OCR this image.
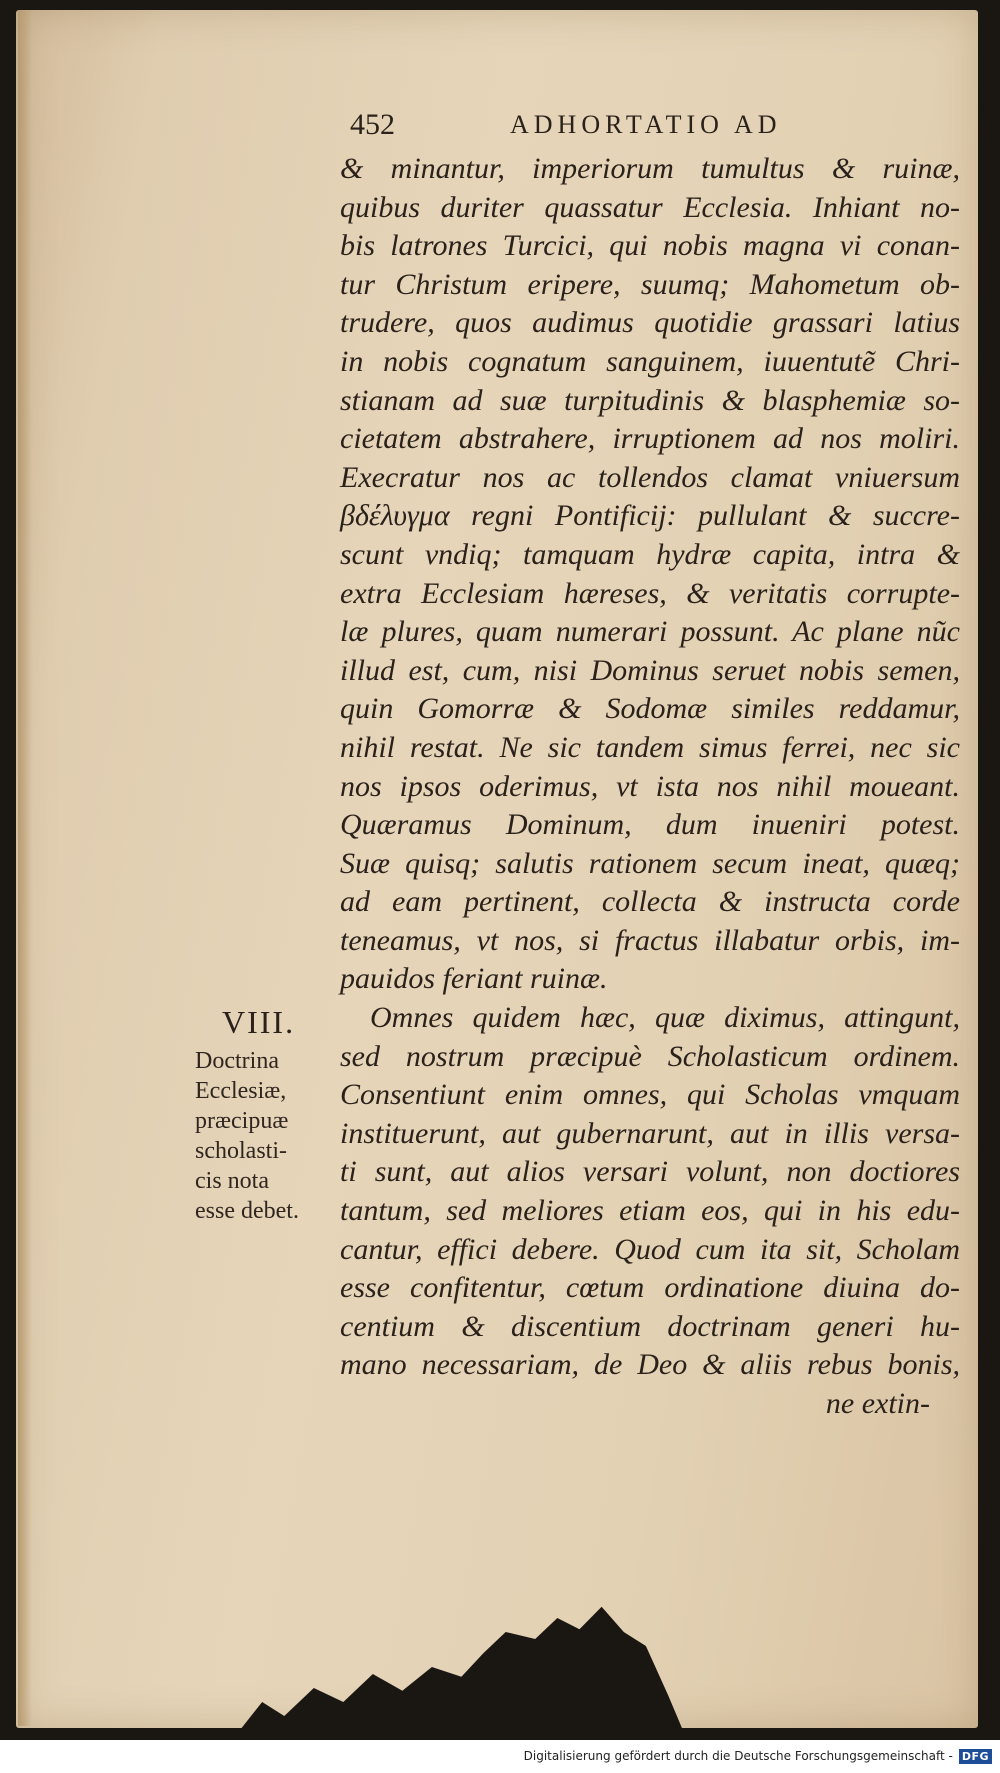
452	ADHORTATIO AD
& minantur, imperiorum tumultus & ruinæ,
quibus duriter quassatur Ecclesia. Inhiant no-
bis latrones Turcici, qui nobis magna vi conan-
tur Christum eripere, suumq; Mahometum ob-
trudere, quos audimus quotidie grassari latius
in nobis cognatum sanguinem, iuuentutẽ Chri-
stianam ad suæ turpitudinis & blasphemiæ so-
cietatem abstrahere, irruptionem ad nos moliri.
Execratur nos ac tollendos clamat vniuersum
βδέλυγμα regni Pontificij: pullulant & succre-
scunt vndiq; tamquam hydræ capita, intra &
extra Ecclesiam hæreses, & veritatis corrupte-
læ plures, quam numerari possunt. Ac plane nũc
illud est, cum, nisi Dominus seruet nobis semen,
quin Gomorræ & Sodomæ similes reddamur,
nihil restat. Ne sic tandem simus ferrei, nec sic
nos ipsos oderimus, vt ista nos nihil moueant.
Quæramus Dominum, dum inueniri potest.
Suæ quisq; salutis rationem secum ineat, quæq;
ad eam pertinent, collecta & instructa corde
teneamus, vt nos, si fractus illabatur orbis, im-
pauidos feriant ruinæ.
Omnes quidem hæc, quæ diximus, attingunt,
sed nostrum præcipuè Scholasticum ordinem.
Consentiunt enim omnes, qui Scholas vmquam
instituerunt, aut gubernarunt, aut in illis versa-
ti sunt, aut alios versari volunt, non doctiores
tantum, sed meliores etiam eos, qui in his edu-
cantur, effici debere. Quod cum ita sit, Scholam
esse confitentur, cœtum ordinatione diuina do-
centium & discentium doctrinam generi hu-
mano necessariam, de Deo & aliis rebus bonis,
ne extin-
VIII.
Doctrina
Ecclesiæ,
præcipuæ
scholasti-
cis nota
esse debet.
Digitalisierung gefördert durch die Deutsche Forschungsgemeinschaft - DFG
